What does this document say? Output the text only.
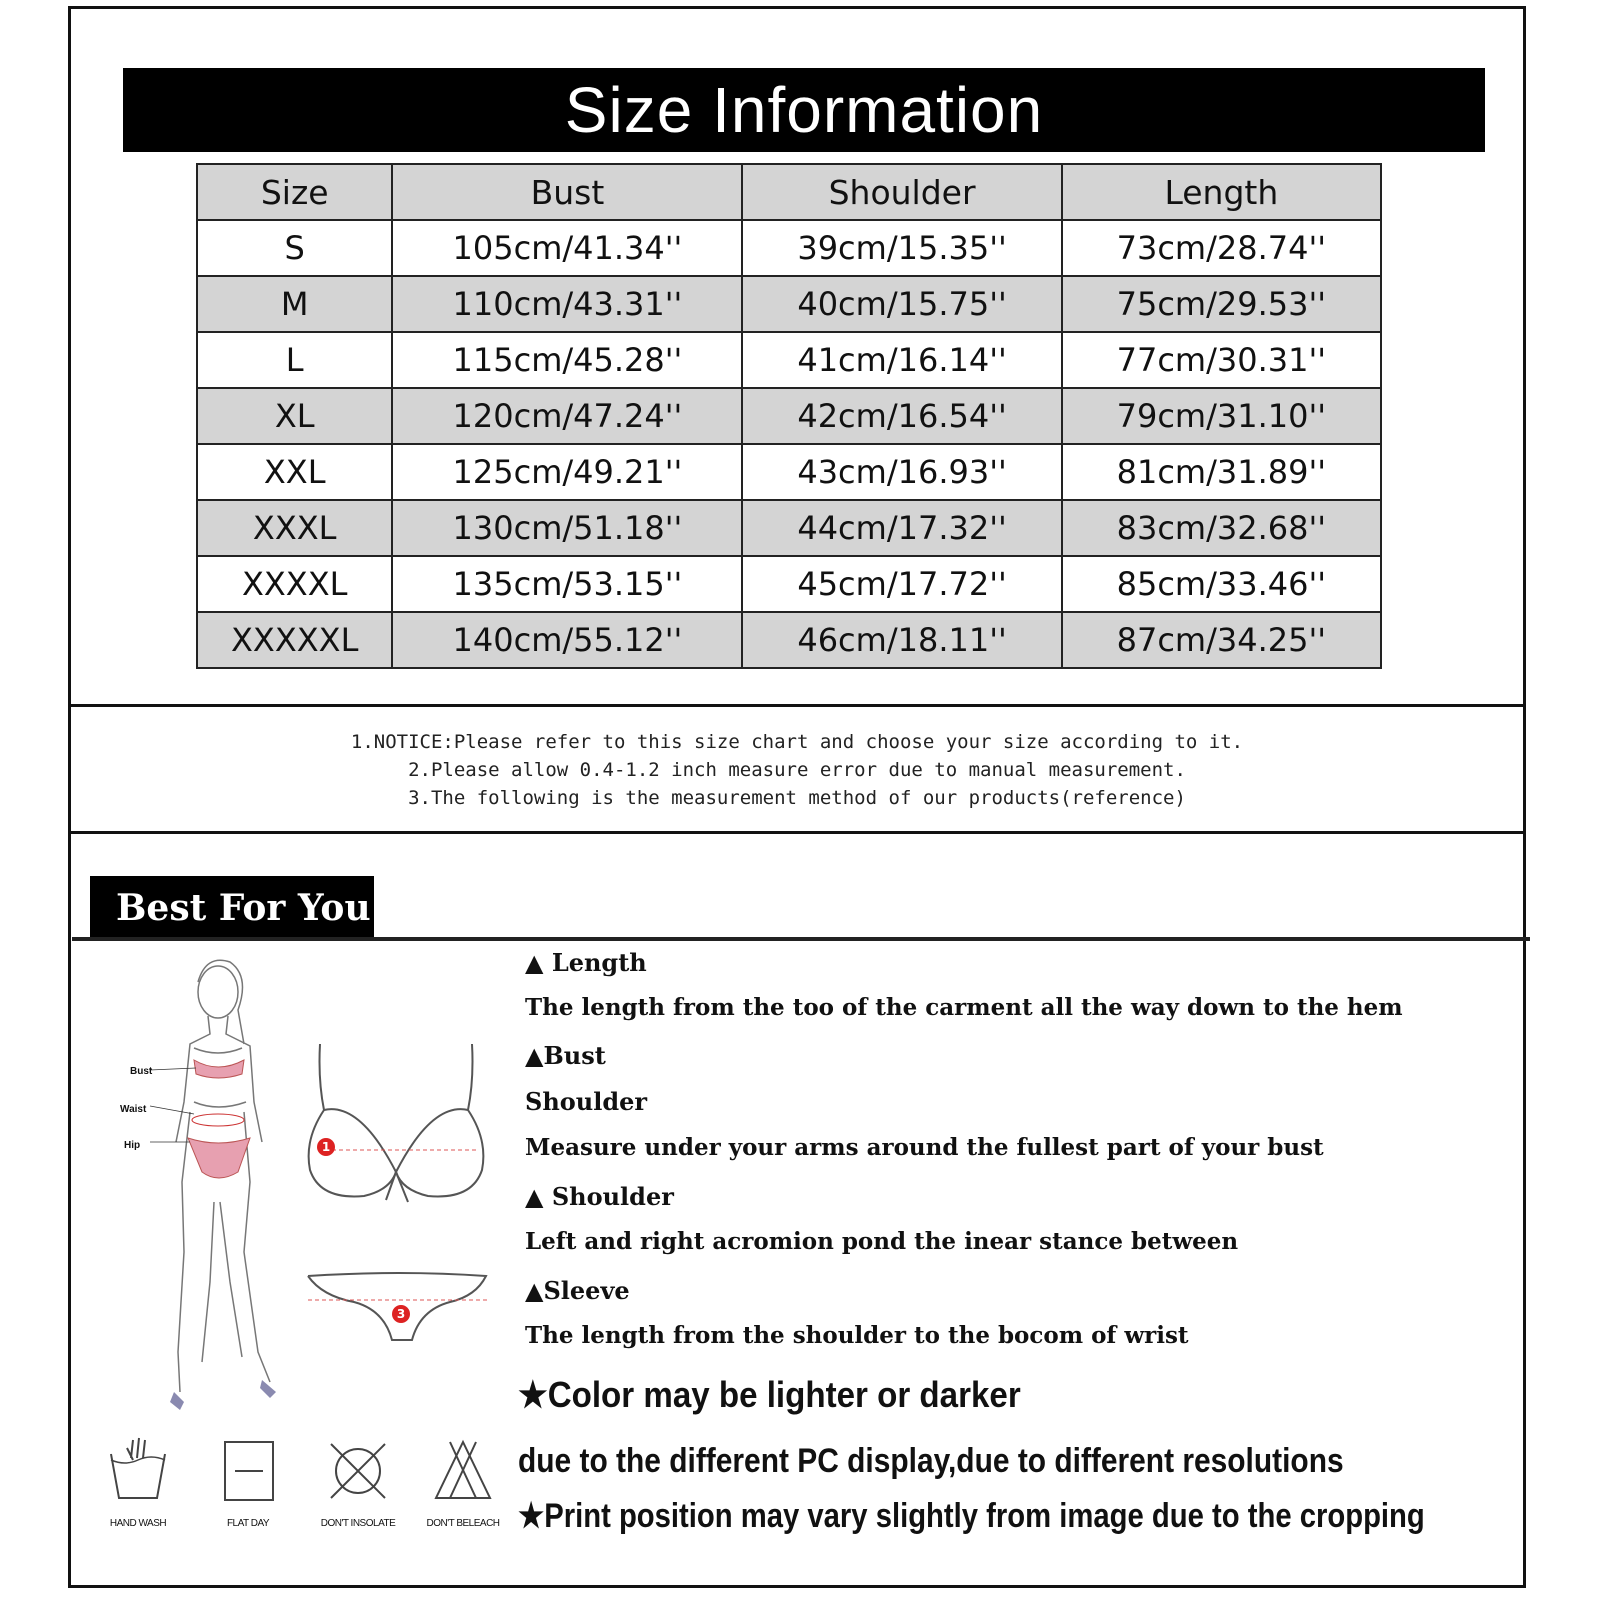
Size Information
Size	Bust	Shoulder	Length
S	105cm/41.34''	39cm/15.35''	73cm/28.74''
M	110cm/43.31''	40cm/15.75''	75cm/29.53''
L	115cm/45.28''	41cm/16.14''	77cm/30.31''
XL	120cm/47.24''	42cm/16.54''	79cm/31.10''
XXL	125cm/49.21''	43cm/16.93''	81cm/31.89''
XXXL	130cm/51.18''	44cm/17.32''	83cm/32.68''
XXXXL	135cm/53.15''	45cm/17.72''	85cm/33.46''
XXXXXL	140cm/55.12''	46cm/18.11''	87cm/34.25''
1.NOTICE:Please refer to this size chart and choose your size according to it.
2.Please allow 0.4-1.2 inch measure error due to manual measurement.
3.The following is the measurement method of our products(reference)
Best For You
Bust
Waist
Hip	1
3
HAND WASH	FLAT DAY	DON'T INSOLATE	DON'T BELEACH
▲ Length
The length from the too of the carment all the way down to the hem
▲Bust
Shoulder
Measure under your arms around the fullest part of your bust
▲ Shoulder
Left and right acromion pond the inear stance between
▲Sleeve
The length from the shoulder to the bocom of wrist
★Color may be lighter or darker
due to the different PC display,due to different resolutions
★Print position may vary slightly from image due to the cropping
